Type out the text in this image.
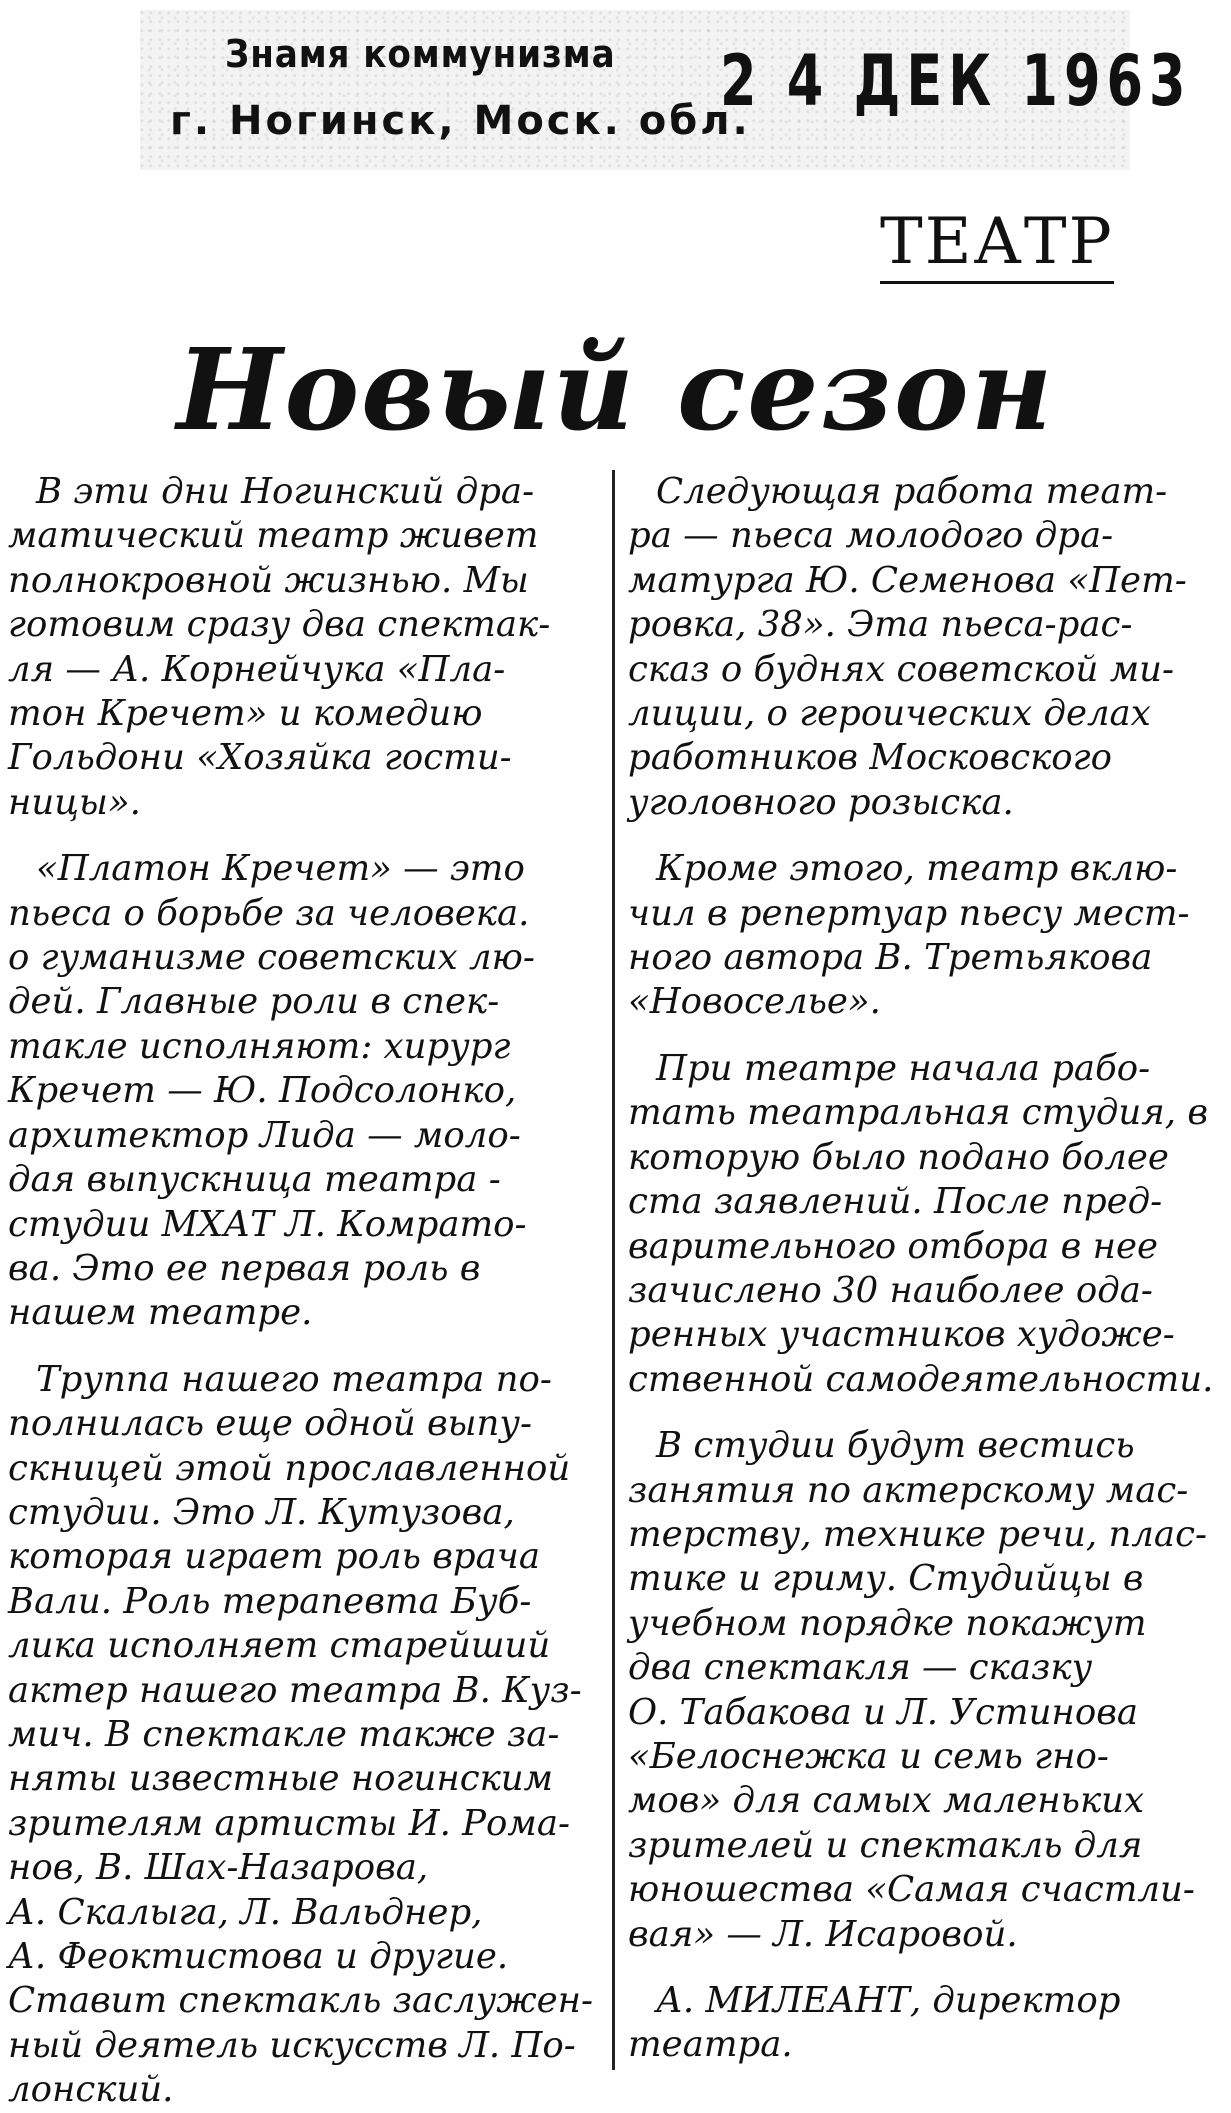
Знамя коммунизма
г. Ногинск, Моск. обл.
2 4 ДЕК 1963
ТЕАТР
Новый сезон

В эти дни Ногинский дра-

матический театр живет

полнокровной жизнью. Мы

готовим сразу два спектак-

ля — А. Корнейчука «Пла-

тон Кречет» и комедию

Гольдони «Хозяйка гости-

ницы».

«Платон Кречет» — это

пьеса о борьбе за человека.

о гуманизме советских лю-

дей. Главные роли в спек-

такле исполняют: хирург

Кречет — Ю. Подсолонко,

архитектор Лида — моло-

дая выпускница театра -

студии МХАТ Л. Комрато-

ва. Это ее первая роль в

нашем театре.

Труппа нашего театра по-

полнилась еще одной выпу-

скницей этой прославленной

студии. Это Л. Кутузова,

которая играет роль врача

Вали. Роль терапевта Буб-

лика исполняет старейший

актер нашего театра В. Куз-

мич. В спектакле также за-

няты известные ногинским

зрителям артисты И. Рома-

нов, В. Шах-Назарова,

А. Скалыга, Л. Вальднер,

А. Феоктистова и другие.

Ставит спектакль заслужен-

ный деятель искусств Л. По-

лонский.

Следующая работа теат-

ра — пьеса молодого дра-

матурга Ю. Семенова «Пет-

ровка, 38». Эта пьеса-рас-

сказ о буднях советской ми-

лиции, о героических делах

работников Московского

уголовного розыска.

Кроме этого, театр вклю-

чил в репертуар пьесу мест-

ного автора В. Третьякова

«Новоселье».

При театре начала рабо-

тать театральная студия, в

которую было подано более

ста заявлений. После пред-

варительного отбора в нее

зачислено 30 наиболее ода-

ренных участников художе-

ственной самодеятельности.

В студии будут вестись

занятия по актерскому мас-

терству, технике речи, плас-

тике и гриму. Студийцы в

учебном порядке покажут

два спектакля — сказку

О. Табакова и Л. Устинова

«Белоснежка и семь гно-

мов» для самых маленьких

зрителей и спектакль для

юношества «Самая счастли-

вая» — Л. Исаровой.

А. МИЛЕАНТ, директор

театра.
